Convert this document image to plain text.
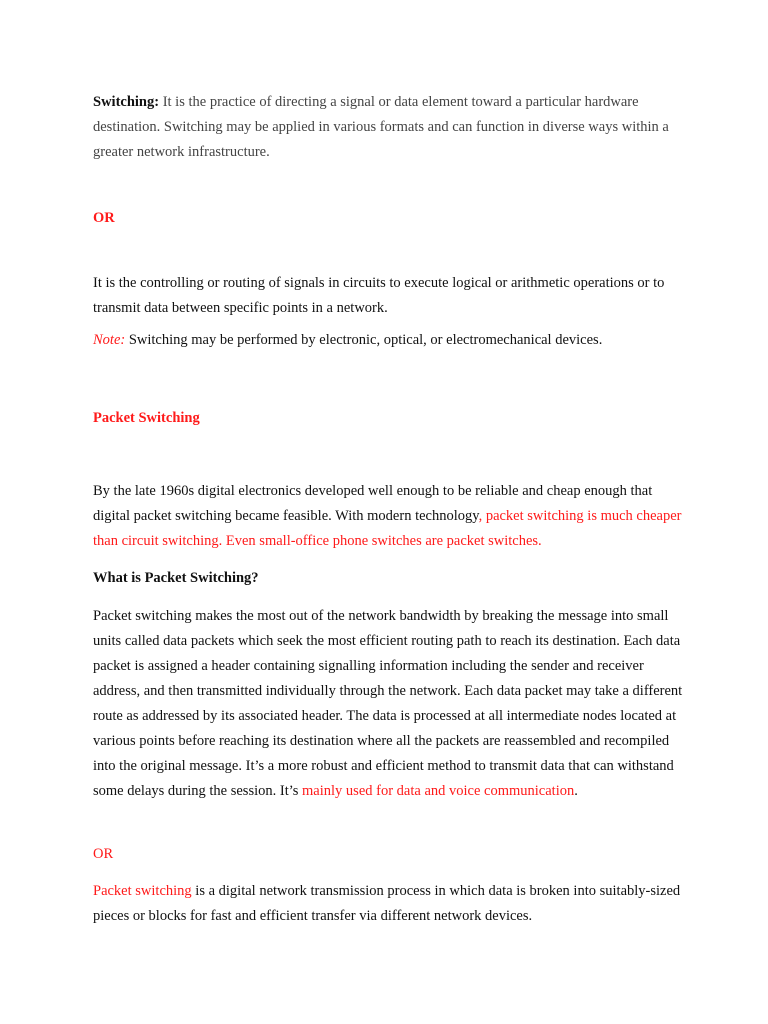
Switching: It is the practice of directing a signal or data element toward a particular hardware destination. Switching may be applied in various formats and can function in diverse ways within a greater network infrastructure.

OR

It is the controlling or routing of signals in circuits to execute logical or arithmetic operations or to transmit data between specific points in a network.

Note: Switching may be performed by electronic, optical, or electromechanical devices.

Packet Switching

By the late 1960s digital electronics developed well enough to be reliable and cheap enough that digital packet switching became feasible. With modern technology, packet switching is much cheaper than circuit switching. Even small-office phone switches are packet switches.

What is Packet Switching?

Packet switching makes the most out of the network bandwidth by breaking the message into small units called data packets which seek the most efficient routing path to reach its destination. Each data packet is assigned a header containing signalling information including the sender and receiver address, and then transmitted individually through the network. Each data packet may take a different route as addressed by its associated header. The data is processed at all intermediate nodes located at various points before reaching its destination where all the packets are reassembled and recompiled into the original message. It’s a more robust and efficient method to transmit data that can withstand some delays during the session. It’s mainly used for data and voice communication.

OR

Packet switching is a digital network transmission process in which data is broken into suitably-sized pieces or blocks for fast and efficient transfer via different network devices.
